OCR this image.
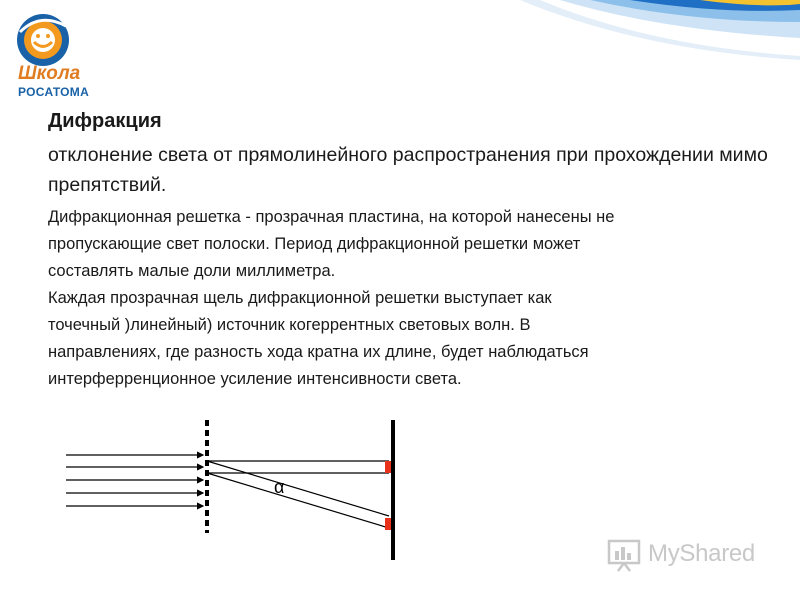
Школа
РОСАТОМА
Дифракция
отклонение света от прямолинейного распространения при прохождении мимо препятствий.

Дифракционная решетка - прозрачная пластина, на которой нанесены не

пропускающие свет полоски. Период дифракционной решетки может

составлять малые доли миллиметра.

Каждая прозрачная щель дифракционной решетки выступает как

точечный )линейный) источник когеррентных световых волн. В

направлениях, где разность хода кратна их длине, будет наблюдаться

интерферренционное усиление интенсивности света.

α
MyShared
